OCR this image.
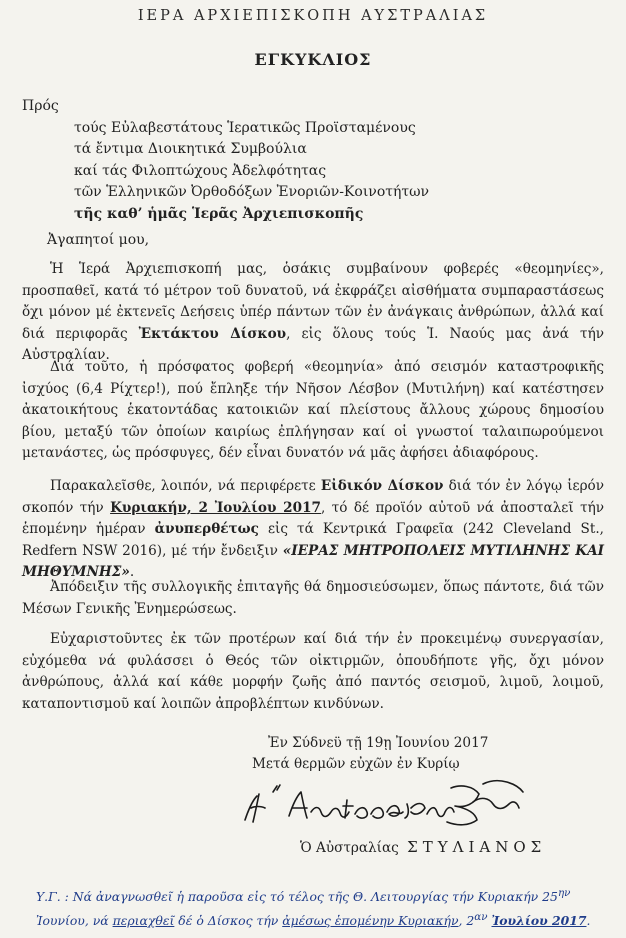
ΙΕΡΑ ΑΡΧΙΕΠΙΣΚΟΠΗ ΑΥΣΤΡΑΛΙΑΣ
ΕΓΚΥΚΛΙΟΣ
Πρός
τούς Εὐλαβεστάτους Ἱερατικῶς Προϊσταμένους
τά ἔντιμα Διοικητικά Συμβούλια
καί τάς Φιλοπτώχους Ἀδελφότητας
τῶν Ἑλληνικῶν Ὀρθοδόξων Ἐνοριῶν-Κοινοτήτων
τῆς καθ’ ἡμᾶς Ἱερᾶς Ἀρχιεπισκοπῆς
Ἀγαπητοί μου,
Ἡ Ἱερά Ἀρχιεπισκοπή μας, ὁσάκις συμβαίνουν φοβερές «θεομηνίες», προσπαθεῖ, κατά τό μέτρον τοῦ δυνατοῦ, νά ἐκφράζει αἰσθήματα συμπαραστάσεως ὄχι μόνον μέ ἐκτενεῖς Δεήσεις ὑπέρ πάντων τῶν ἐν ἀνάγκαις ἀνθρώπων, ἀλλά καί διά περιφορᾶς Ἐκτάκτου Δίσκου, εἰς ὅλους τούς Ἱ. Ναούς μας ἀνά τήν Αὐστραλίαν.
Διά τοῦτο, ἡ πρόσφατος φοβερή «θεομηνία» ἀπό σεισμόν καταστροφικῆς ἰσχύος (6,4 Ρίχτερ!), πού ἔπληξε τήν Νῆσον Λέσβον (Μυτιλήνη) καί κατέστησεν ἀκατοικήτους ἑκατοντάδας κατοικιῶν καί πλείστους ἄλλους χώρους δημοσίου βίου, μεταξύ τῶν ὁποίων καιρίως ἐπλήγησαν καί οἱ γνωστοί ταλαιπωρούμενοι μετανάστες, ὡς πρόσφυγες, δέν εἶναι δυνατόν νά μᾶς ἀφήσει ἀδιαφόρους.
Παρακαλεῖσθε, λοιπόν, νά περιφέρετε Εἰδικόν Δίσκον διά τόν ἐν λόγῳ ἱερόν σκοπόν τήν Κυριακήν, 2 Ἰουλίου 2017, τό δέ προϊόν αὐτοῦ νά ἀποσταλεῖ τήν ἑπομένην ἡμέραν ἀνυπερθέτως εἰς τά Κεντρικά Γραφεῖα (242 Cleveland St., Redfern NSW 2016), μέ τήν ἔνδειξιν «ΙΕΡΑΣ ΜΗΤΡΟΠΟΛΕΙΣ ΜΥΤΙΛΗΝΗΣ ΚΑΙ ΜΗΘΥΜΝΗΣ».
Ἀπόδειξιν τῆς συλλογικῆς ἐπιταγῆς θά δημοσιεύσωμεν, ὅπως πάντοτε, διά τῶν Μέσων Γενικῆς Ἐνημερώσεως.
Εὐχαριστοῦντες ἐκ τῶν προτέρων καί διά τήν ἐν προκειμένῳ συνεργασίαν, εὐχόμεθα νά φυλάσσει ὁ Θεός τῶν οἰκτιρμῶν, ὁπουδήποτε γῆς, ὄχι μόνον ἀνθρώπους, ἀλλά καί κάθε μορφήν ζωῆς ἀπό παντός σεισμοῦ, λιμοῦ, λοιμοῦ, καταποντισμοῦ καί λοιπῶν ἀπροβλέπτων κινδύνων.
Ἐν Σύδνεϋ τῇ 19ῃ Ἰουνίου 2017
Μετά θερμῶν εὐχῶν ἐν Κυρίῳ
Ὁ Αὐστραλίας ΣΤΥΛΙΑΝΟΣ
Υ.Γ. : Νά ἀναγνωσθεῖ ἡ παροῦσα εἰς τό τέλος τῆς Θ. Λειτουργίας τήν Κυριακήν $25^{\eta\nu}$
Ἰουνίου, νά περιαχθεῖ δέ ὁ Δίσκος τήν ἀμέσως ἑπομένην Κυριακήν, $2^{\alpha\nu}$ Ἰουλίου 2017.
